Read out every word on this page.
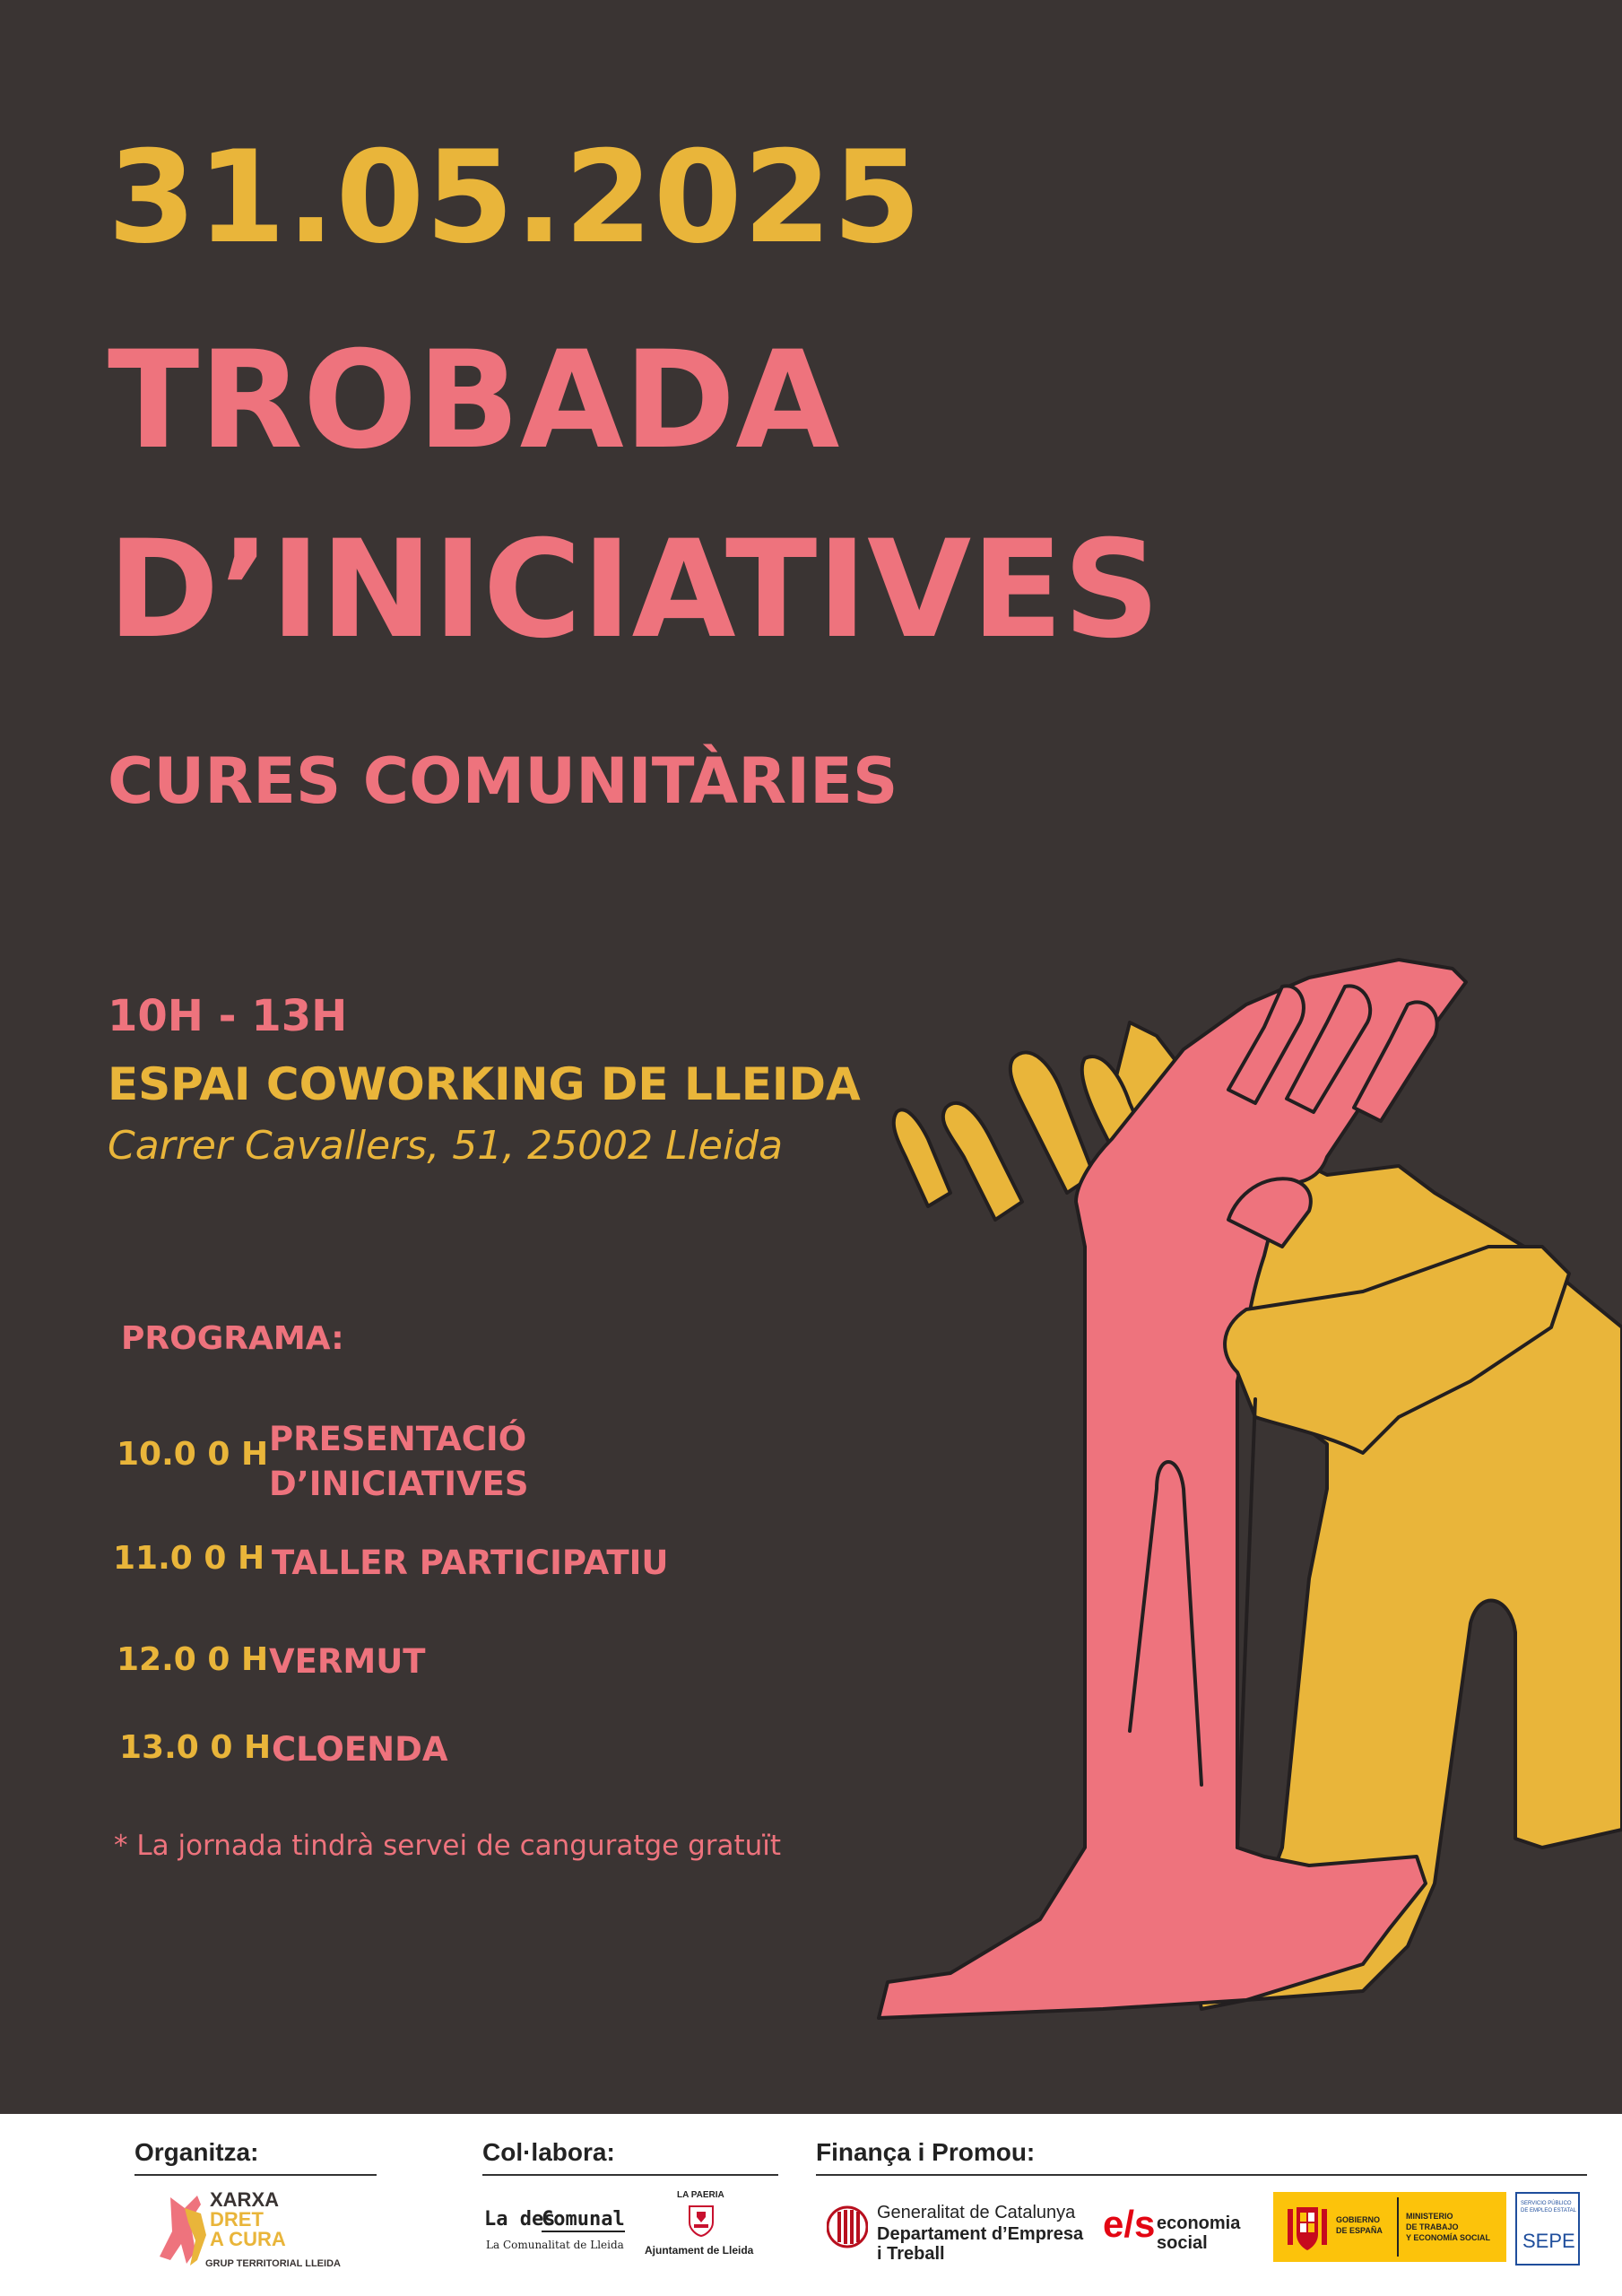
31.05.2025
TROBADA
D’INICIATIVES
CURES COMUNITÀRIES
10H - 13H
ESPAI COWORKING DE LLEIDA
Carrer Cavallers, 51, 25002 Lleida
PROGRAMA:
10.0 0 H PRESENTACIÓ
D’INICIATIVES
11.0 0 H TALLER PARTICIPATIU
12.0 0 H VERMUT
13.0 0 H CLOENDA
* La jornada tindrà servei de canguratge gratuït
Organitza:	Col·labora:	Finança i Promou:
XARXA
DRET
A CURA
GRUP TERRITORIAL LLEIDA
La des
Comunal
La Comunalitat de Lleida
LA PAERIA
Ajuntament de Lleida
Generalitat de Catalunya
Departament d’Empresa
i Treball
e/s economia
social
GOBIERNO
DE ESPAÑA
MINISTERIO
DE TRABAJO
Y ECONOMÍA SOCIAL
SERVICIO PÚBLICO
DE EMPLEO ESTATAL
SEPE
